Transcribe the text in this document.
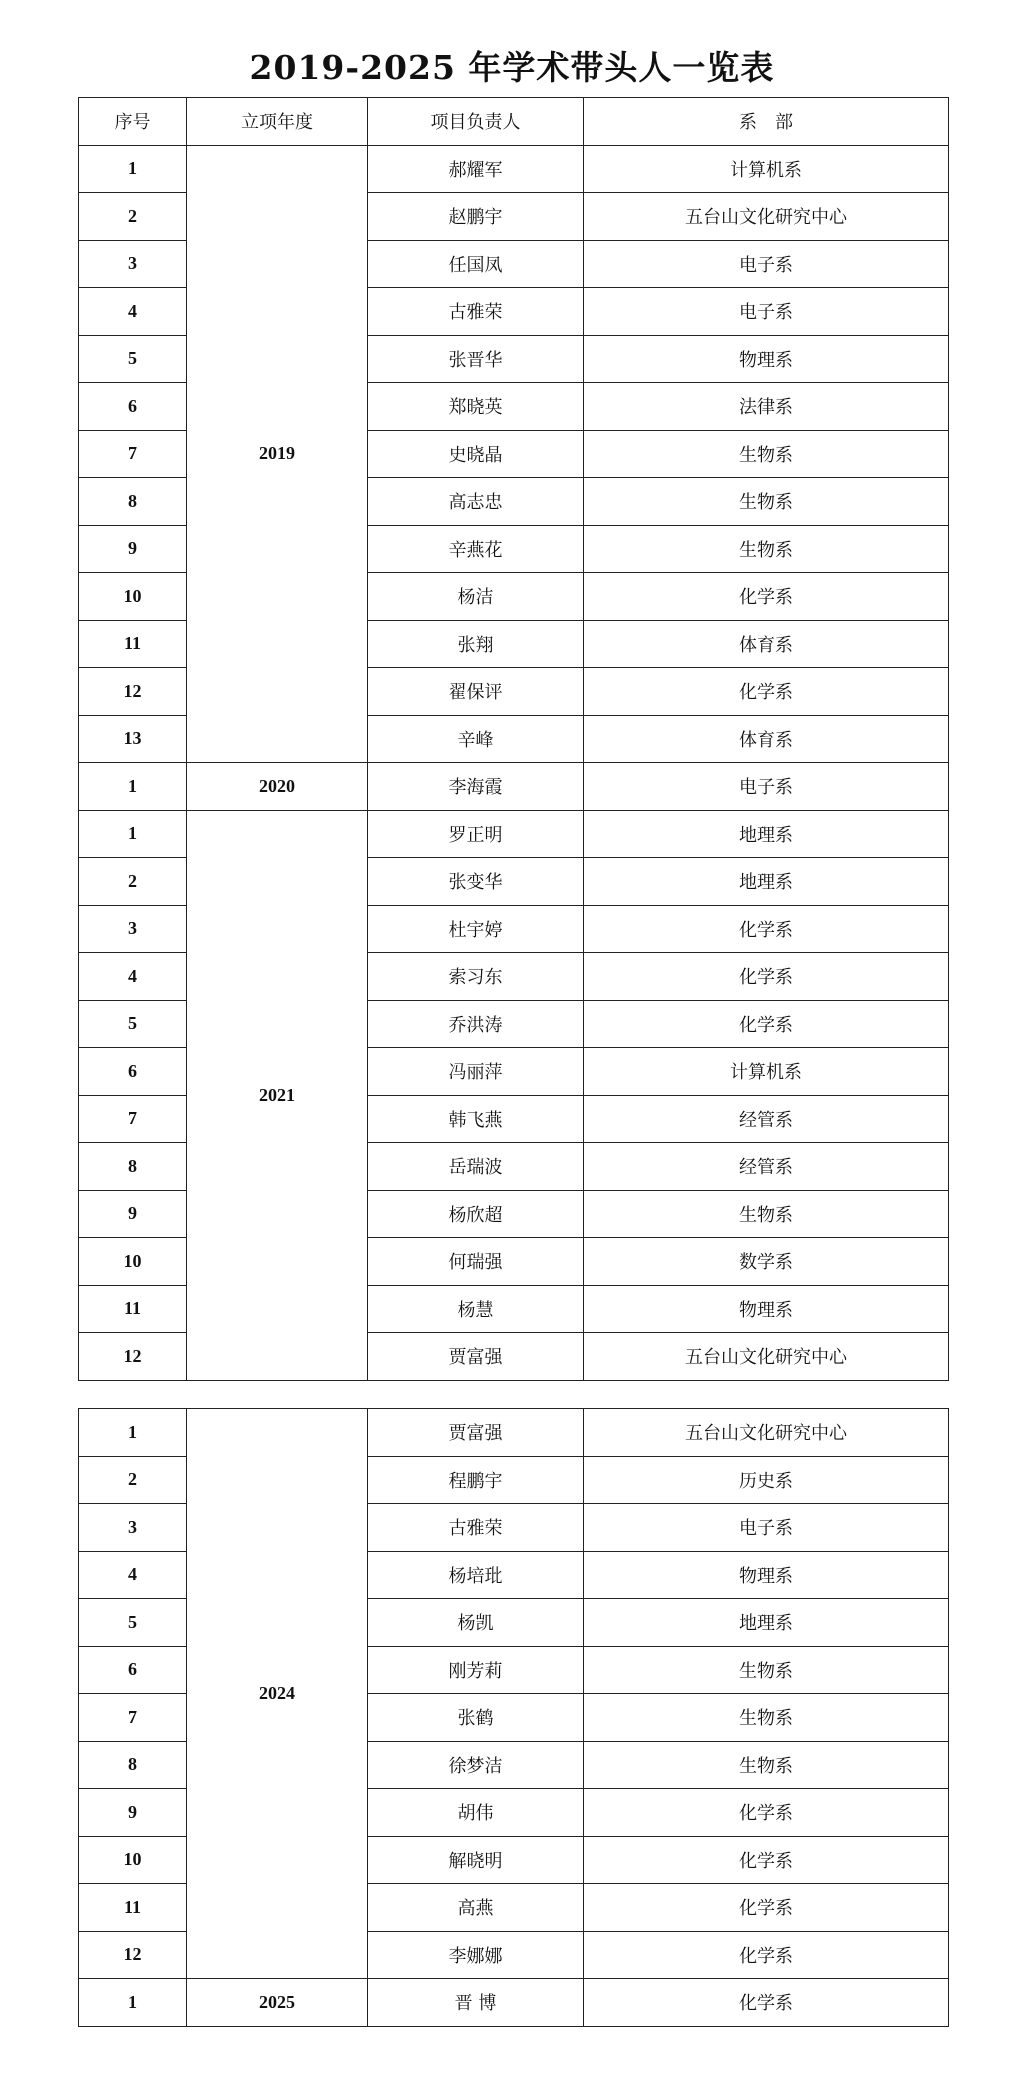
2019-2025 年学术带头人一览表
序号	立项年度	项目负责人	系　部
1	2019	郝耀军	计算机系
2		赵鹏宇	五台山文化研究中心
3		任国凤	电子系
4		古雅荣	电子系
5		张晋华	物理系
6		郑晓英	法律系
7		史晓晶	生物系
8		高志忠	生物系
9		辛燕花	生物系
10		杨洁	化学系
11		张翔	体育系
12		翟保评	化学系
13		辛峰	体育系
1	2020	李海霞	电子系
1	2021	罗正明	地理系
2		张变华	地理系
3		杜宇婷	化学系
4		索习东	化学系
5		乔洪涛	化学系
6		冯丽萍	计算机系
7		韩飞燕	经管系
8		岳瑞波	经管系
9		杨欣超	生物系
10		何瑞强	数学系
11		杨慧	物理系
12		贾富强	五台山文化研究中心
1	2024	贾富强	五台山文化研究中心
2		程鹏宇	历史系
3		古雅荣	电子系
4		杨培玭	物理系
5		杨凯	地理系
6		刚芳莉	生物系
7		张鹤	生物系
8		徐梦洁	生物系
9		胡伟	化学系
10		解晓明	化学系
11		高燕	化学系
12		李娜娜	化学系
1	2025	晋 博	化学系
